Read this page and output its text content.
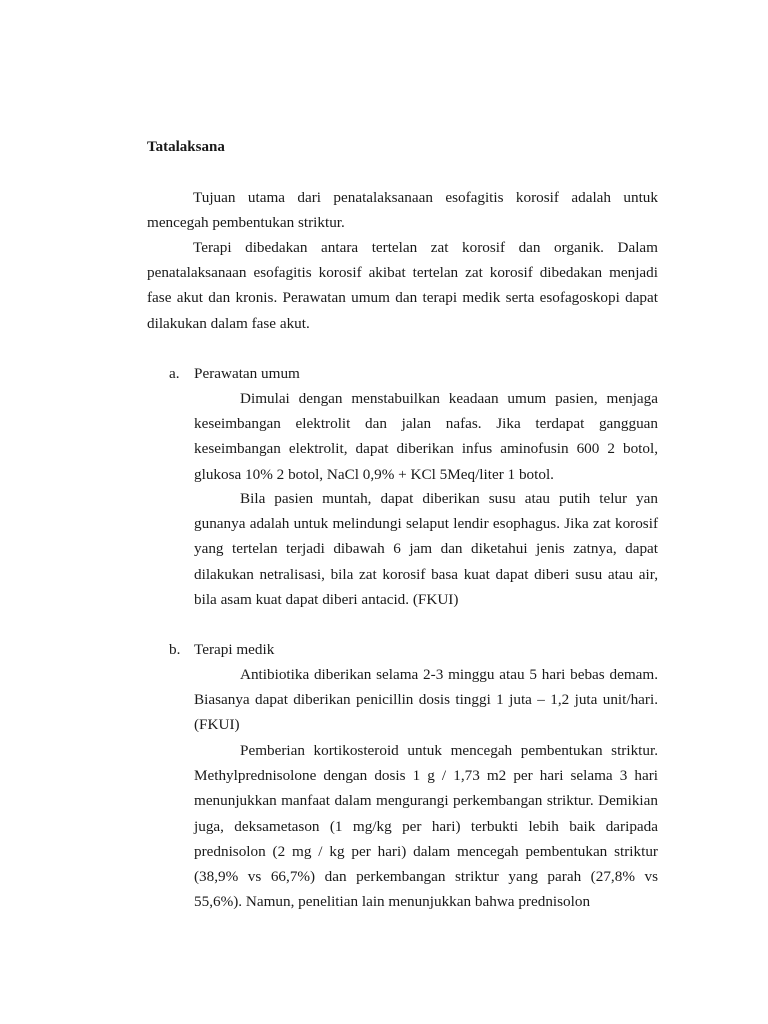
Tatalaksana

Tujuan utama dari penatalaksanaan esofagitis korosif adalah untuk mencegah pembentukan striktur.

Terapi dibedakan antara tertelan zat korosif dan organik. Dalam penatalaksanaan esofagitis korosif akibat tertelan zat korosif dibedakan menjadi fase akut dan kronis. Perawatan umum dan terapi medik serta esofagoskopi dapat dilakukan dalam fase akut.

a. Perawatan umum

Dimulai dengan menstabuilkan keadaan umum pasien, menjaga keseimbangan elektrolit dan jalan nafas. Jika terdapat gangguan keseimbangan elektrolit, dapat diberikan infus aminofusin 600 2 botol, glukosa 10% 2 botol, NaCl 0,9% + KCl 5Meq/liter 1 botol.

Bila pasien muntah, dapat diberikan susu atau putih telur yan gunanya adalah untuk melindungi selaput lendir esophagus. Jika zat korosif yang tertelan terjadi dibawah 6 jam dan diketahui jenis zatnya, dapat dilakukan netralisasi, bila zat korosif basa kuat dapat diberi susu atau air, bila asam kuat dapat diberi antacid. (FKUI)

b. Terapi medik

Antibiotika diberikan selama 2-3 minggu atau 5 hari bebas demam. Biasanya dapat diberikan penicillin dosis tinggi 1 juta – 1,2 juta unit/hari. (FKUI)

Pemberian kortikosteroid untuk mencegah pembentukan striktur. Methylprednisolone dengan dosis 1 g / 1,73 m2 per hari selama 3 hari menunjukkan manfaat dalam mengurangi perkembangan striktur. Demikian juga, deksametason (1 mg/kg per hari) terbukti lebih baik daripada prednisolon (2 mg / kg per hari) dalam mencegah pembentukan striktur (38,9% vs 66,7%) dan perkembangan striktur yang parah (27,8% vs 55,6%). Namun, penelitian lain menunjukkan bahwa prednisolon
